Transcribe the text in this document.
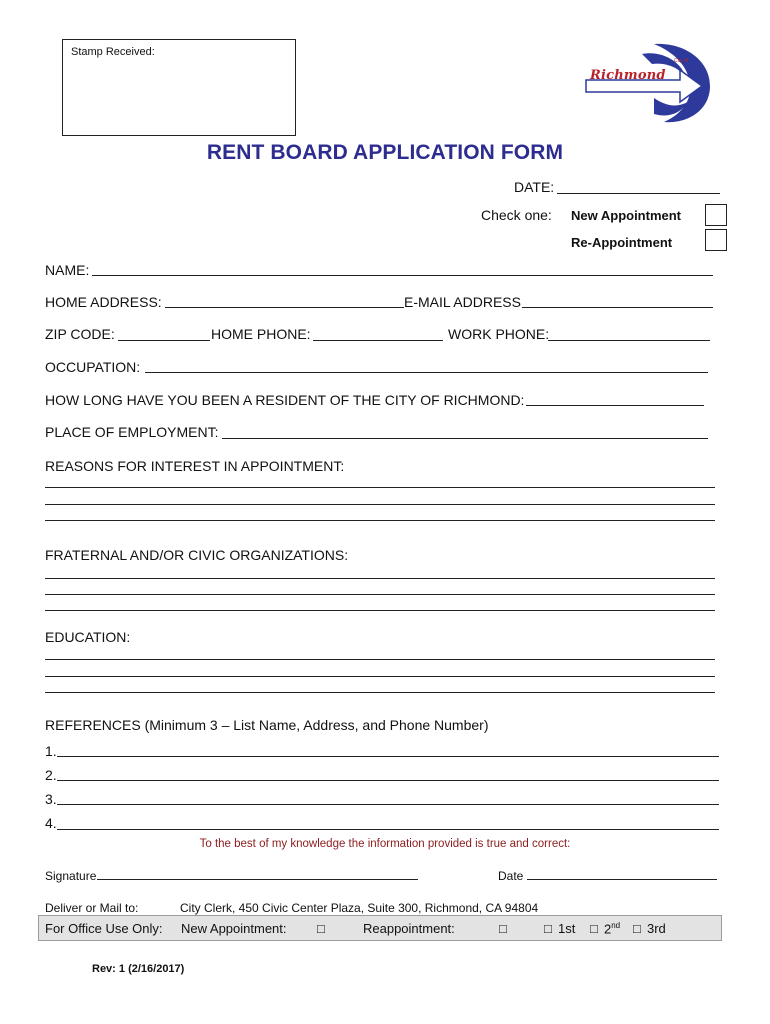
Stamp Received:
City of
Richmond
RENT BOARD APPLICATION FORM
DATE:
Check one: New Appointment
Re-Appointment
NAME:
HOME ADDRESS:	E-MAIL ADDRESS
ZIP CODE:	HOME PHONE:	WORK PHONE:
OCCUPATION:
HOW LONG HAVE YOU BEEN A RESIDENT OF THE CITY OF RICHMOND:
PLACE OF EMPLOYMENT:
REASONS FOR INTEREST IN APPOINTMENT:
FRATERNAL AND/OR CIVIC ORGANIZATIONS:
EDUCATION:
REFERENCES (Minimum 3 – List Name, Address, and Phone Number)
1.
2.
3.
4.
To the best of my knowledge the information provided is true and correct:
Signature	Date
Deliver or Mail to:	City Clerk, 450 Civic Center Plaza, Suite 300, Richmond, CA 94804
For Office Use Only: New Appointment: □	Reappointment:	□	□ 1st □ 2nd □ 3rd
Rev: 1 (2/16/2017)
